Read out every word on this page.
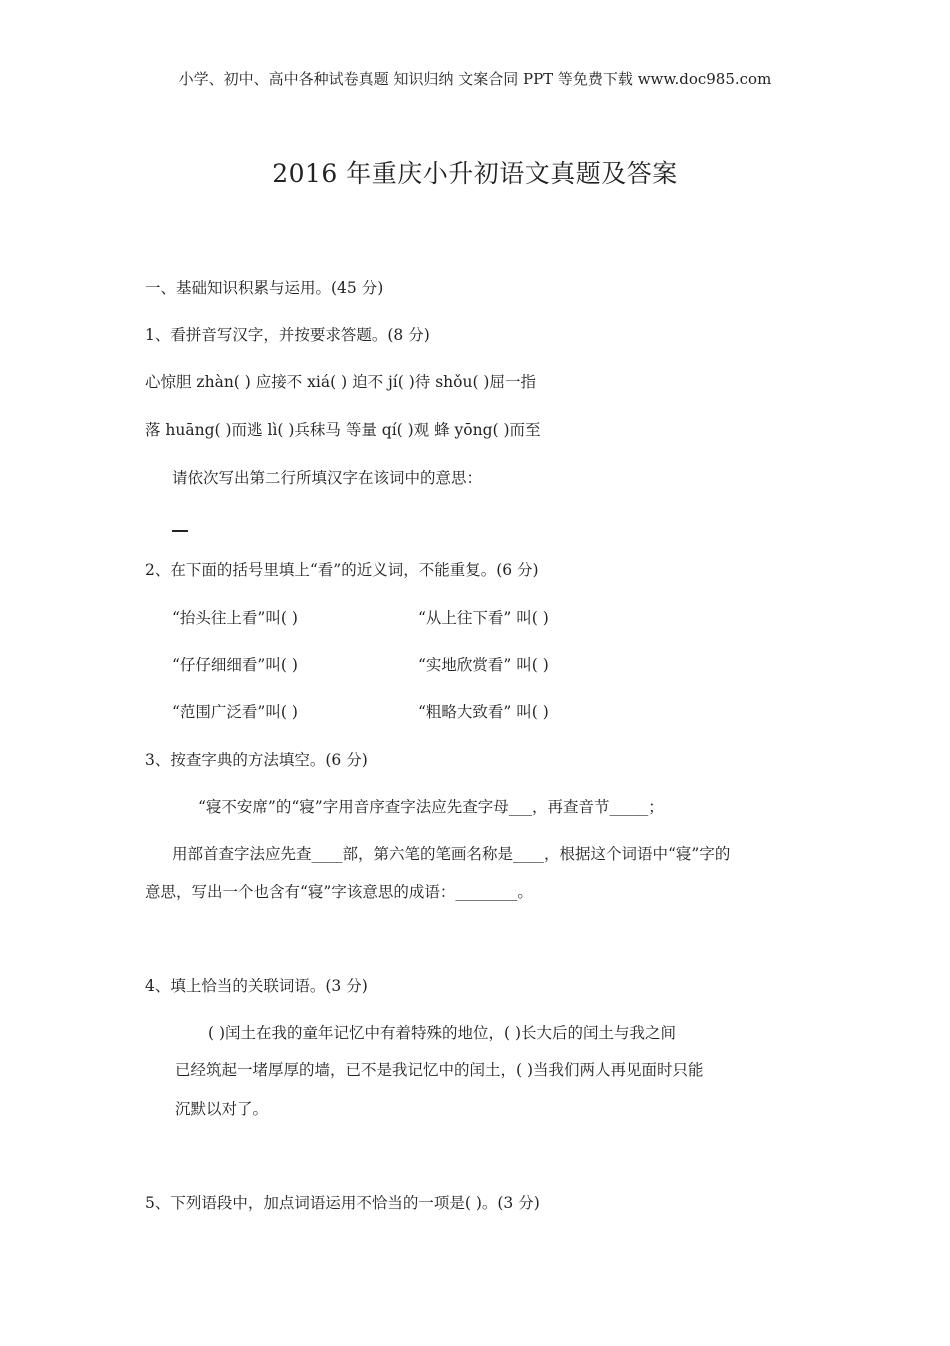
小学、初中、高中各种试卷真题 知识归纳 文案合同 PPT 等免费下载 www.doc985.com
2016 年重庆小升初语文真题及答案
一、基础知识积累与运用。(45 分)
1、看拼音写汉字，并按要求答题。(8 分)
心惊胆 zhàn( ) 应接不 xiá( ) 迫不 jí( )待 shǒu( )屈一指
落 huāng( )而逃 lì( )兵秣马 等量 qí( )观 蜂 yōng( )而至
请依次写出第二行所填汉字在该词中的意思：
2、在下面的括号里填上“看”的近义词，不能重复。(6 分)
“抬头往上看”叫( )	“从上往下看” 叫( )
“仔仔细细看”叫( )	“实地欣赏看” 叫( )
“范围广泛看”叫( )	“粗略大致看” 叫( )
3、按查字典的方法填空。(6 分)
“寝不安席”的“寝”字用音序查字法应先查字母___，再查音节_____；
用部首查字法应先查____部，第六笔的笔画名称是____，根据这个词语中“寝”字的
意思，写出一个也含有“寝”字该意思的成语：________。
4、填上恰当的关联词语。(3 分)
( )闰土在我的童年记忆中有着特殊的地位，( )长大后的闰土与我之间
已经筑起一堵厚厚的墙，已不是我记忆中的闰土，( )当我们两人再见面时只能
沉默以对了。
5、下列语段中，加点词语运用不恰当的一项是( )。(3 分)
